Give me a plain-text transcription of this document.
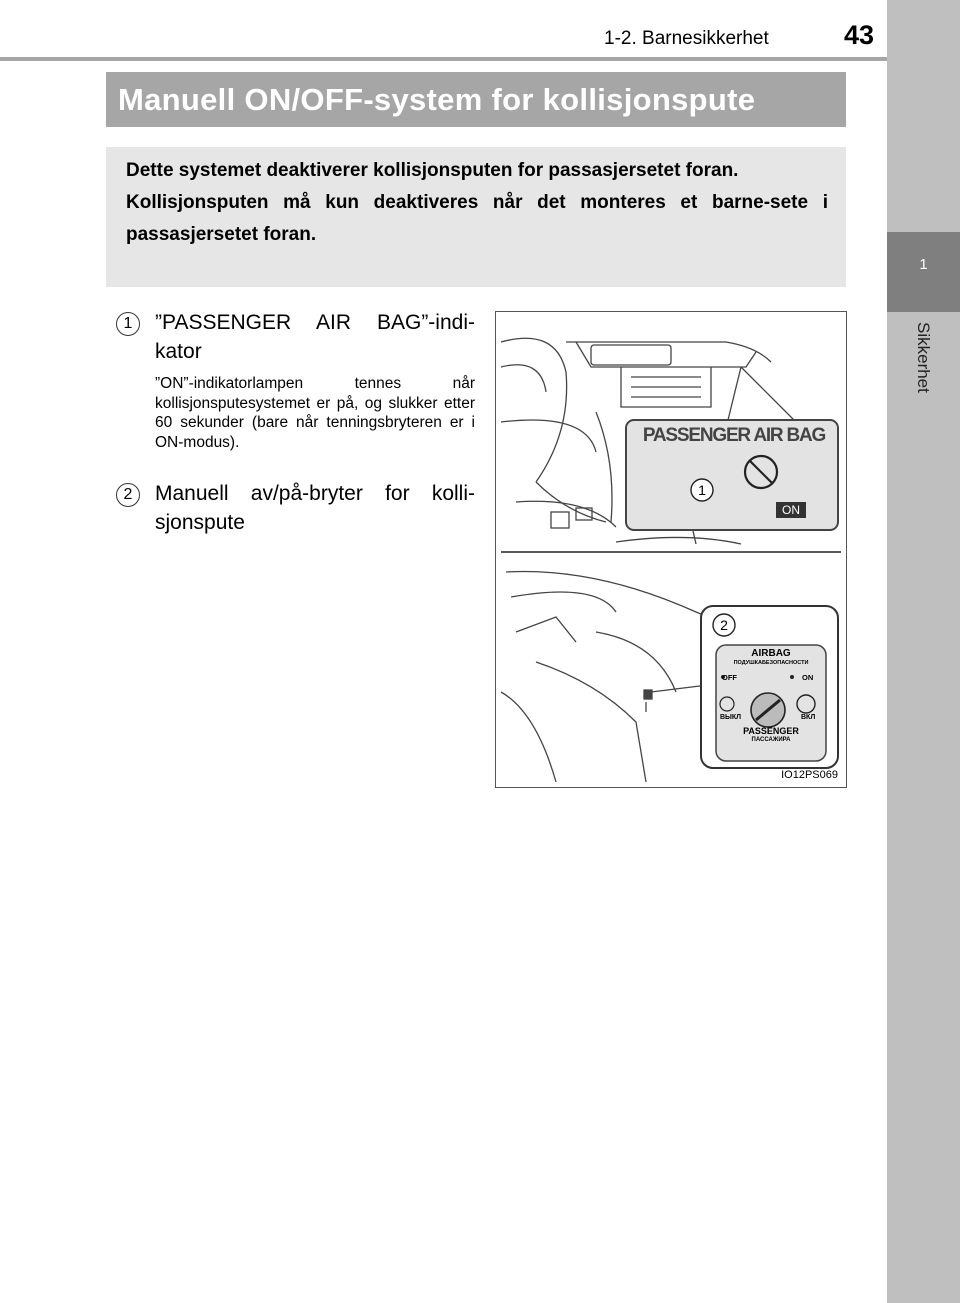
1-2. Barnesikkerhet	43
1
Sikkerhet
Manuell ON/OFF-system for kollisjonspute

Dette systemet deaktiverer kollisjonsputen for passasjersetet foran.

Kollisjonsputen må kun deaktiveres når det monteres et barne-sete i passasjersetet foran.

1	”PASSENGER AIR BAG”-indi-kator
”ON”-indikatorlampen tennes når kollisjonsputesystemet er på, og slukker etter 60 sekunder (bare når tenningsbryteren er i ON-modus).
2	Manuell av/på-bryter for kolli-sjonspute
PASSENGER AIR BAG
ON
1
2
AIRBAG
ПОДУШКАБЕЗОПАСНОСТИ
OFF	ON
ВЫКЛ	ВКЛ
PASSENGER
ПАССАЖИРА
IO12PS069
